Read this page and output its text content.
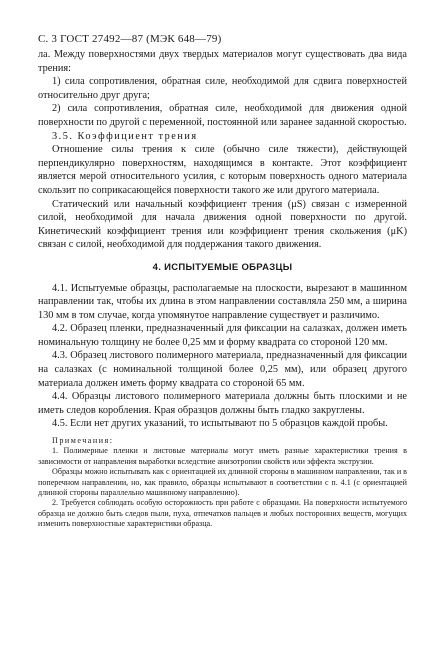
С. 3 ГОСТ 27492—87 (МЭК 648—79)

ла. Между поверхностями двух твердых материалов могут существовать два вида трения:

1) сила сопротивления, обратная силе, необходимой для сдвига поверхностей относительно друг друга;

2) сила сопротивления, обратная силе, необходимой для движения одной поверхности по другой с переменной, постоянной или заранее заданной скоростью.

3.5. Коэффициент трения

Отношение силы трения к силе (обычно силе тяжести), действующей перпендикулярно поверхностям, находящимся в контакте. Этот коэффициент является мерой относительного усилия, с которым поверхность одного материала скользит по соприкасающейся поверхности такого же или другого материала.

Статический или начальный коэффициент трения (μS) связан с измеренной силой, необходимой для начала движения одной поверхности по другой. Кинетический коэффициент трения или коэффициент трения скольжения (μK) связан с силой, необходимой для поддержания такого движения.

4. ИСПЫТУЕМЫЕ ОБРАЗЦЫ

4.1. Испытуемые образцы, располагаемые на плоскости, вырезают в машинном направлении так, чтобы их длина в этом направлении составляла 250 мм, а ширина 130 мм в том случае, когда упомянутое направление существует и различимо.

4.2. Образец пленки, предназначенный для фиксации на салазках, должен иметь номинальную толщину не более 0,25 мм и форму квадрата со стороной 120 мм.

4.3. Образец листового полимерного материала, предназначенный для фиксации на салазках (с номинальной толщиной более 0,25 мм), или образец другого материала должен иметь форму квадрата со стороной 65 мм.

4.4. Образцы листового полимерного материала должны быть плоскими и не иметь следов коробления. Края образцов должны быть гладко закруглены.

4.5. Если нет других указаний, то испытывают по 5 образцов каждой пробы.

Примечания:

1. Полимерные пленки и листовые материалы могут иметь разные характеристики трения в зависимости от направления выработки вследствие анизотропии свойств или эффекта экструзии.

Образцы можно испытывать как с ориентацией их длинной стороны в машинном направлении, так и в поперечном направлении, но, как правило, образцы испытывают в соответствии с п. 4.1 (с ориентацией длинной стороны параллельно машинному направлению).

2. Требуется соблюдать особую осторожность при работе с образцами. На поверхности испытуемого образца не должно быть следов пыли, пуха, отпечатков пальцев и любых посторонних веществ, могущих изменить поверхностные характеристики образца.
